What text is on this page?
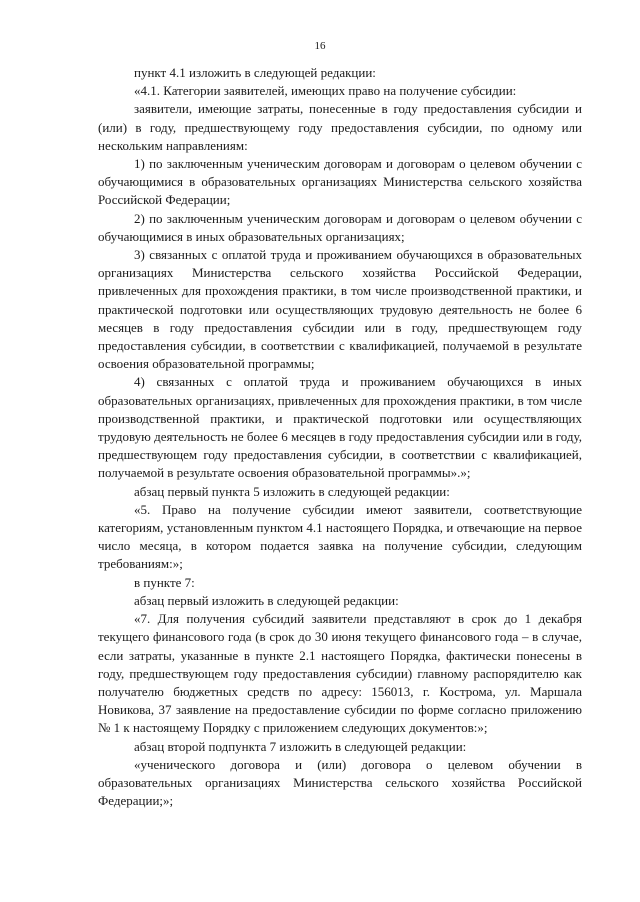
16

пункт 4.1 изложить в следующей редакции:

«4.1. Категории заявителей, имеющих право на получение субсидии:

заявители, имеющие затраты, понесенные в году предоставления субсидии и (или) в году, предшествующему году предоставления субсидии, по одному или нескольким направлениям:

1) по заключенным ученическим договорам и договорам о целевом обучении с обучающимися в образовательных организациях Министерства сельского хозяйства Российской Федерации;

2) по заключенным ученическим договорам и договорам о целевом обучении с обучающимися в иных образовательных организациях;

3) связанных с оплатой труда и проживанием обучающихся в образовательных организациях Министерства сельского хозяйства Российской Федерации, привлеченных для прохождения практики, в том числе производственной практики, и практической подготовки или осуществляющих трудовую деятельность не более 6 месяцев в году предоставления субсидии или в году, предшествующем году предоставления субсидии, в соответствии с квалификацией, получаемой в результате освоения образовательной программы;

4) связанных с оплатой труда и проживанием обучающихся в иных образовательных организациях, привлеченных для прохождения практики, в том числе производственной практики, и практической подготовки или осуществляющих трудовую деятельность не более 6 месяцев в году предоставления субсидии или в году, предшествующем году предоставления субсидии, в соответствии с квалификацией, получаемой в результате освоения образовательной программы».»;

абзац первый пункта 5 изложить в следующей редакции:

«5. Право на получение субсидии имеют заявители, соответствующие категориям, установленным пунктом 4.1 настоящего Порядка, и отвечающие на первое число месяца, в котором подается заявка на получение субсидии, следующим требованиям:»;

в пункте 7:

абзац первый изложить в следующей редакции:

«7. Для получения субсидий заявители представляют в срок до 1 декабря текущего финансового года (в срок до 30 июня текущего финансового года – в случае, если затраты, указанные в пункте 2.1 настоящего Порядка, фактически понесены в году, предшествующем году предоставления субсидии) главному распорядителю как получателю бюджетных средств по адресу: 156013, г. Кострома, ул. Маршала Новикова, 37 заявление на предоставление субсидии по форме согласно приложению № 1 к настоящему Порядку с приложением следующих документов:»;

абзац второй подпункта 7 изложить в следующей редакции:

«ученического договора и (или) договора о целевом обучении в образовательных организациях Министерства сельского хозяйства Российской Федерации;»;
